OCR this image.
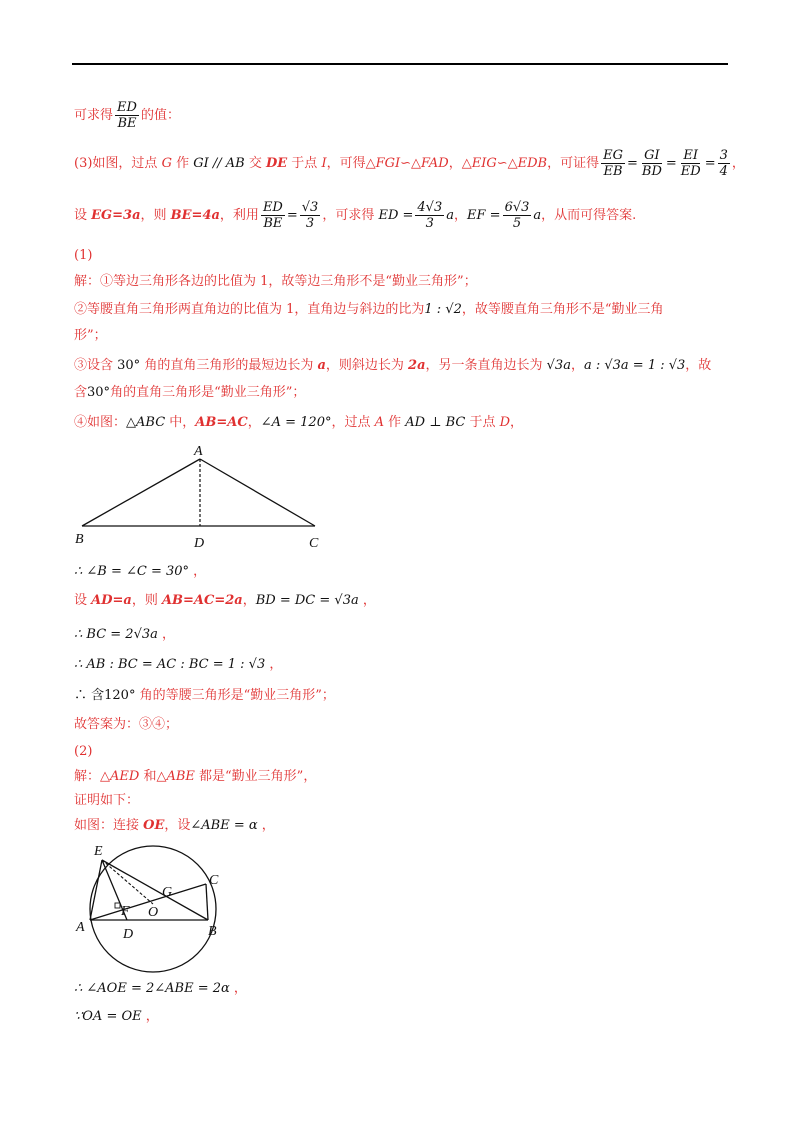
可求得 $\frac{ED}{BE}$ 的值：
(3)如图，过点 G 作 GI // AB 交 DE 于点 I，可得△FGI∽△FAD，△EIG∽△EDB，可证得 $\frac{EG}{EB} = \frac{GI}{BD} = \frac{EI}{ED} = \frac{3}{4}$ ，
设 EG=3a，则 BE=4a，利用 $\frac{ED}{BE} = \frac{√3}{3}$ ，可求得 ED = $\frac{4√3}{3}$ a，EF = $\frac{6√3}{5}$ a，从而可得答案.
(1)
解：①等边三角形各边的比值为 1，故等边三角形不是“勤业三角形”；
②等腰直角三角形两直角边的比值为 1，直角边与斜边的比为1 : √2，故等腰直角三角形不是“勤业三角
形”；
③设含 30° 角的直角三角形的最短边长为 a，则斜边长为 2a，另一条直角边长为 √3a，a : √3a = 1 : √3，故
含30°角的直角三角形是“勤业三角形”；
④如图：△ABC 中，AB=AC，∠A = 120°，过点 A 作 AD ⊥ BC 于点 D，
A
B	D	C
∴ ∠B = ∠C = 30° ，
设 AD=a，则 AB=AC=2a，BD = DC = √3a ，
∴ BC = 2√3a ，
∴ AB : BC = AC : BC = 1 : √3 ，
∴ 含120° 角的等腰三角形是“勤业三角形”；
故答案为：③④；
(2)
解：△AED 和△ABE 都是“勤业三角形”，
证明如下：
如图：连接 OE，设∠ABE = α ，
E
C
G
F O
A	D	B
∴ ∠AOE = 2∠ABE = 2α ，
∵OA = OE ，
